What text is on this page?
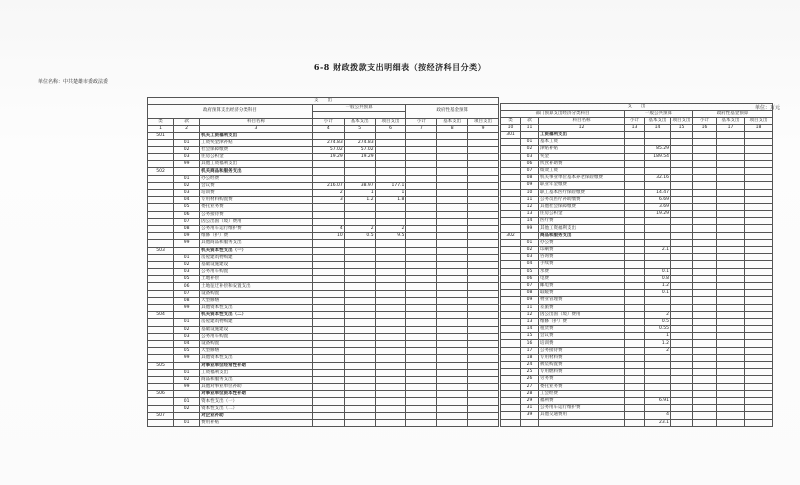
6-8 财政拨款支出明细表（按经济科目分类）
单位名称：中共楚雄市委政法委
单位：万元
支　　出								
政府预算支出经济分类科目			一般公共预算			政府性基金预算		

类	款	科目名称	小计	基本支出	项目支出	小计	基本支出	项目支出
1	2	3	4	5	6	7	8	9
501		机关工资福利支出						
	01	工资奖金津补贴	274.83	274.83				
	02	社会保障缴费	57.02	57.02				
	03	住房公积金	19.29	19.29				
	99	其他工资福利支出						
502		机关商品和服务支出						
	01	办公经费						
	02	会议费	216.07	38.97	177.1			
	03	培训费	2	1	1			
	04	专用材料购置费	3	1.2	1.8			
	05	委托业务费						
	06	公务接待费						
	07	因公出国（境）费用						
	08	公务用车运行维护费	4	2	2			
	09	维修（护）费	10	0.5	9.5			
	99	其他商品和服务支出						
503		机关资本性支出（一）						
	01	房屋建筑物购建						
	02	基础设施建设						
	03	公务用车购置						
	05	土地补偿						
	06	土地征迁补偿和安置支出						
	07	设备购置						
	08	大型修缮						
	99	其他资本性支出						
504		机关资本性支出（二）						
	01	房屋建筑物购建						
	02	基础设施建设						
	03	公务用车购置						
	04	设备购置						
	05	大型修缮						
	99	其他资本性支出						
505		对事业单位经常性补助						
	01	工资福利支出						
	02	商品和服务支出						
	99	其他对事业单位补助						
506		对事业单位资本性补助						
	01	资本性支出（一）						
	02	资本性支出（二）						
507		对企业补助						
	01	费用补贴						
支　　出								
部门预算支出经济分类科目			一般公共预算			政府性基金预算		

类	款	科目名称	小计	基本支出	项目支出	小计	基本支出	项目支出
10	11	12	13	14	15	16	17	18
301		工资福利支出						
	01	基本工资						
	02	津贴补贴		85.29				
	03	奖金		189.54				
	06	伙食补助费						
	07	绩效工资						
	08	机关事业单位基本养老保险缴费		32.16				
	09	职业年金缴费						
	10	职工基本医疗保险缴费		14.47				
	11	公务员医疗补助缴费		6.69				
	12	其他社会保障缴费		3.69				
	13	住房公积金		19.29				
	14	医疗费						
	99	其他工资福利支出						
302		商品和服务支出						
	01	办公费						
	02	印刷费		2.1				
	03	咨询费						
	04	手续费						
	05	水费		0.1				
	06	电费		0.8				
	07	邮电费		1.2				
	08	取暖费		0.1				
	09	物业管理费						
	11	差旅费						
	12	因公出国（境）费用		2				
	13	维修（护）费		0.5				
	14	租赁费		0.55				
	15	会议费		1				
	16	培训费		1.2				
	17	公务接待费		2				
	18	专用材料费						
	24	被装购置费						
	25	专用燃料费						
	26	劳务费						
	27	委托业务费						
	28	工会经费						
	29	福利费		6.91				
	31	公务用车运行维护费						
	39	其他交通费用		4				
				23.1				
